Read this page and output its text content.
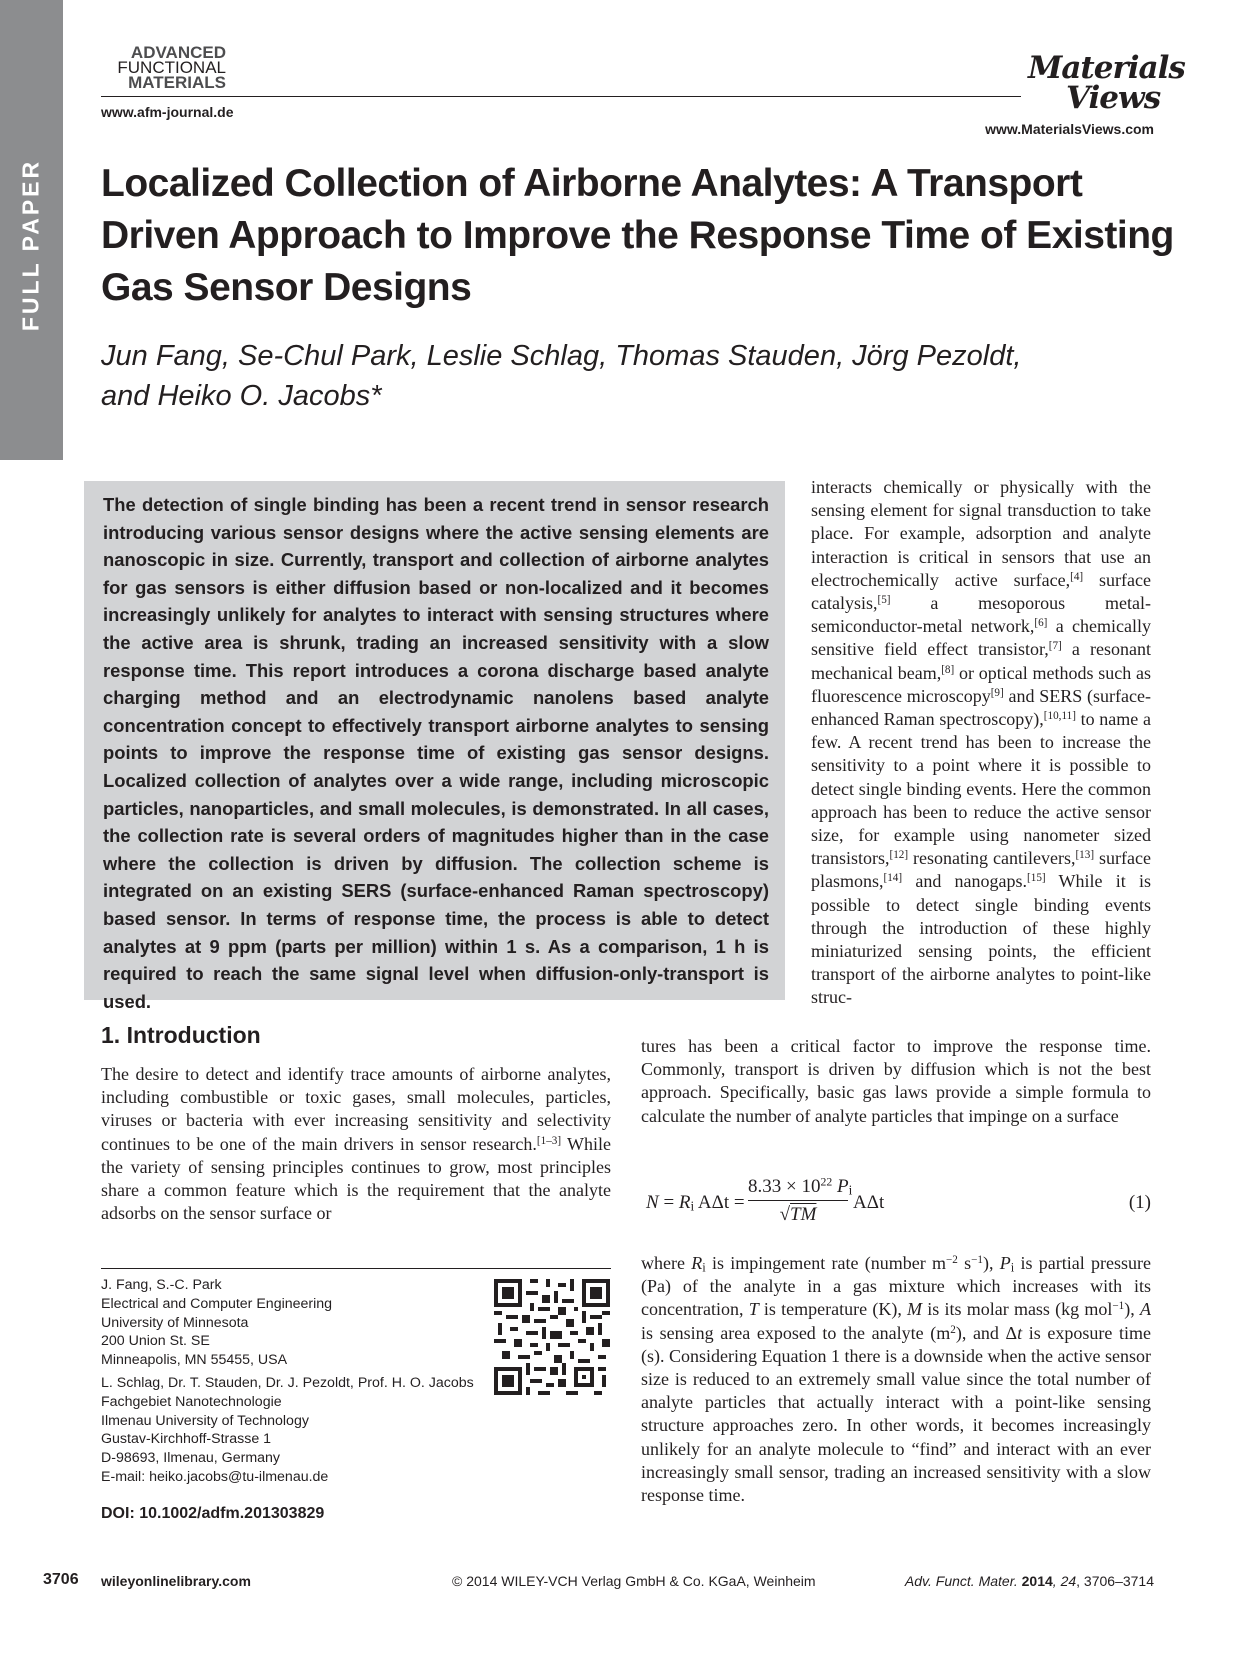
FULL PAPER
ADVANCED
FUNCTIONAL
MATERIALS
www.afm-journal.de
Materials
Views
www.MaterialsViews.com
Localized Collection of Airborne Analytes: A Transport Driven Approach to Improve the Response Time of Existing Gas Sensor Designs
Jun Fang, Se-Chul Park, Leslie Schlag, Thomas Stauden, Jörg Pezoldt,
and Heiko O. Jacobs*
The detection of single binding has been a recent trend in sensor research introducing various sensor designs where the active sensing elements are nanoscopic in size. Currently, transport and collection of airborne analytes for gas sensors is either diffusion based or non-localized and it becomes increasingly unlikely for analytes to interact with sensing structures where the active area is shrunk, trading an increased sensitivity with a slow response time. This report introduces a corona discharge based analyte charging method and an electrodynamic nanolens based analyte concentration concept to effectively transport airborne analytes to sensing points to improve the response time of existing gas sensor designs. Localized collection of analytes over a wide range, including microscopic particles, nanoparticles, and small molecules, is demonstrated. In all cases, the collection rate is several orders of magnitudes higher than in the case where the collection is driven by diffusion. The collection scheme is integrated on an existing SERS (surface-enhanced Raman spectroscopy) based sensor. In terms of response time, the process is able to detect analytes at 9 ppm (parts per million) within 1 s. As a comparison, 1 h is required to reach the same signal level when diffusion-only-transport is used.
interacts chemically or physically with the sensing element for signal transduction to take place. For example, adsorption and analyte interaction is critical in sensors that use an electrochemically active surface,[4] surface catalysis,[5] a mesoporous metal-semiconductor-metal network,[6] a chemically sensitive field effect transistor,[7] a resonant mechanical beam,[8] or optical methods such as fluorescence microscopy[9] and SERS (surface-enhanced Raman spectroscopy),[10,11] to name a few. A recent trend has been to increase the sensitivity to a point where it is possible to detect single binding events. Here the common approach has been to reduce the active sensor size, for example using nanometer sized transistors,[12] resonating cantilevers,[13] surface plasmons,[14] and nanogaps.[15] While it is possible to detect single binding events through the introduction of these highly miniaturized sensing points, the efficient transport of the airborne analytes to point-like struc-
1. Introduction
The desire to detect and identify trace amounts of airborne analytes, including combustible or toxic gases, small molecules, particles, viruses or bacteria with ever increasing sensitivity and selectivity continues to be one of the main drivers in sensor research.[1–3] While the variety of sensing principles continues to grow, most principles share a common feature which is the requirement that the analyte adsorbs on the sensor surface or
tures has been a critical factor to improve the response time. Commonly, transport is driven by diffusion which is not the best approach. Specifically, basic gas laws provide a simple formula to calculate the number of analyte particles that impinge on a surface
$N = R_i$ $A\Delta t = \frac{8.33 \times 10^{22} P_i}{√TM}$ AΔt	(1)
where $R_i$ is impingement rate (number $m^{-2}$ $s^{-1}$), $P_i$ is partial pressure (Pa) of the analyte in a gas mixture which increases with its concentration, T is temperature (K), M is its molar mass (kg mol$^{-1}$), A is sensing area exposed to the analyte $(m^2)$, and Δt is exposure time (s). Considering Equation 1 there is a downside when the active sensor size is reduced to an extremely small value since the total number of analyte particles that actually interact with a point-like sensing structure approaches zero. In other words, it becomes increasingly unlikely for an analyte molecule to “find” and interact with an ever increasingly small sensor, trading an increased sensitivity with a slow response time.
J. Fang, S.-C. Park
Electrical and Computer Engineering
University of Minnesota
200 Union St. SE
Minneapolis, MN 55455, USA
L. Schlag, Dr. T. Stauden, Dr. J. Pezoldt, Prof. H. O. Jacobs
Fachgebiet Nanotechnologie
Ilmenau University of Technology
Gustav-Kirchhoff-Strasse 1
D-98693, Ilmenau, Germany
E-mail: heiko.jacobs@tu-ilmenau.de
DOI: 10.1002/adfm.201303829
3706 wileyonlinelibrary.com	© 2014 WILEY-VCH Verlag GmbH & Co. KGaA, Weinheim	Adv. Funct. Mater. 2014, 24, 3706–3714
